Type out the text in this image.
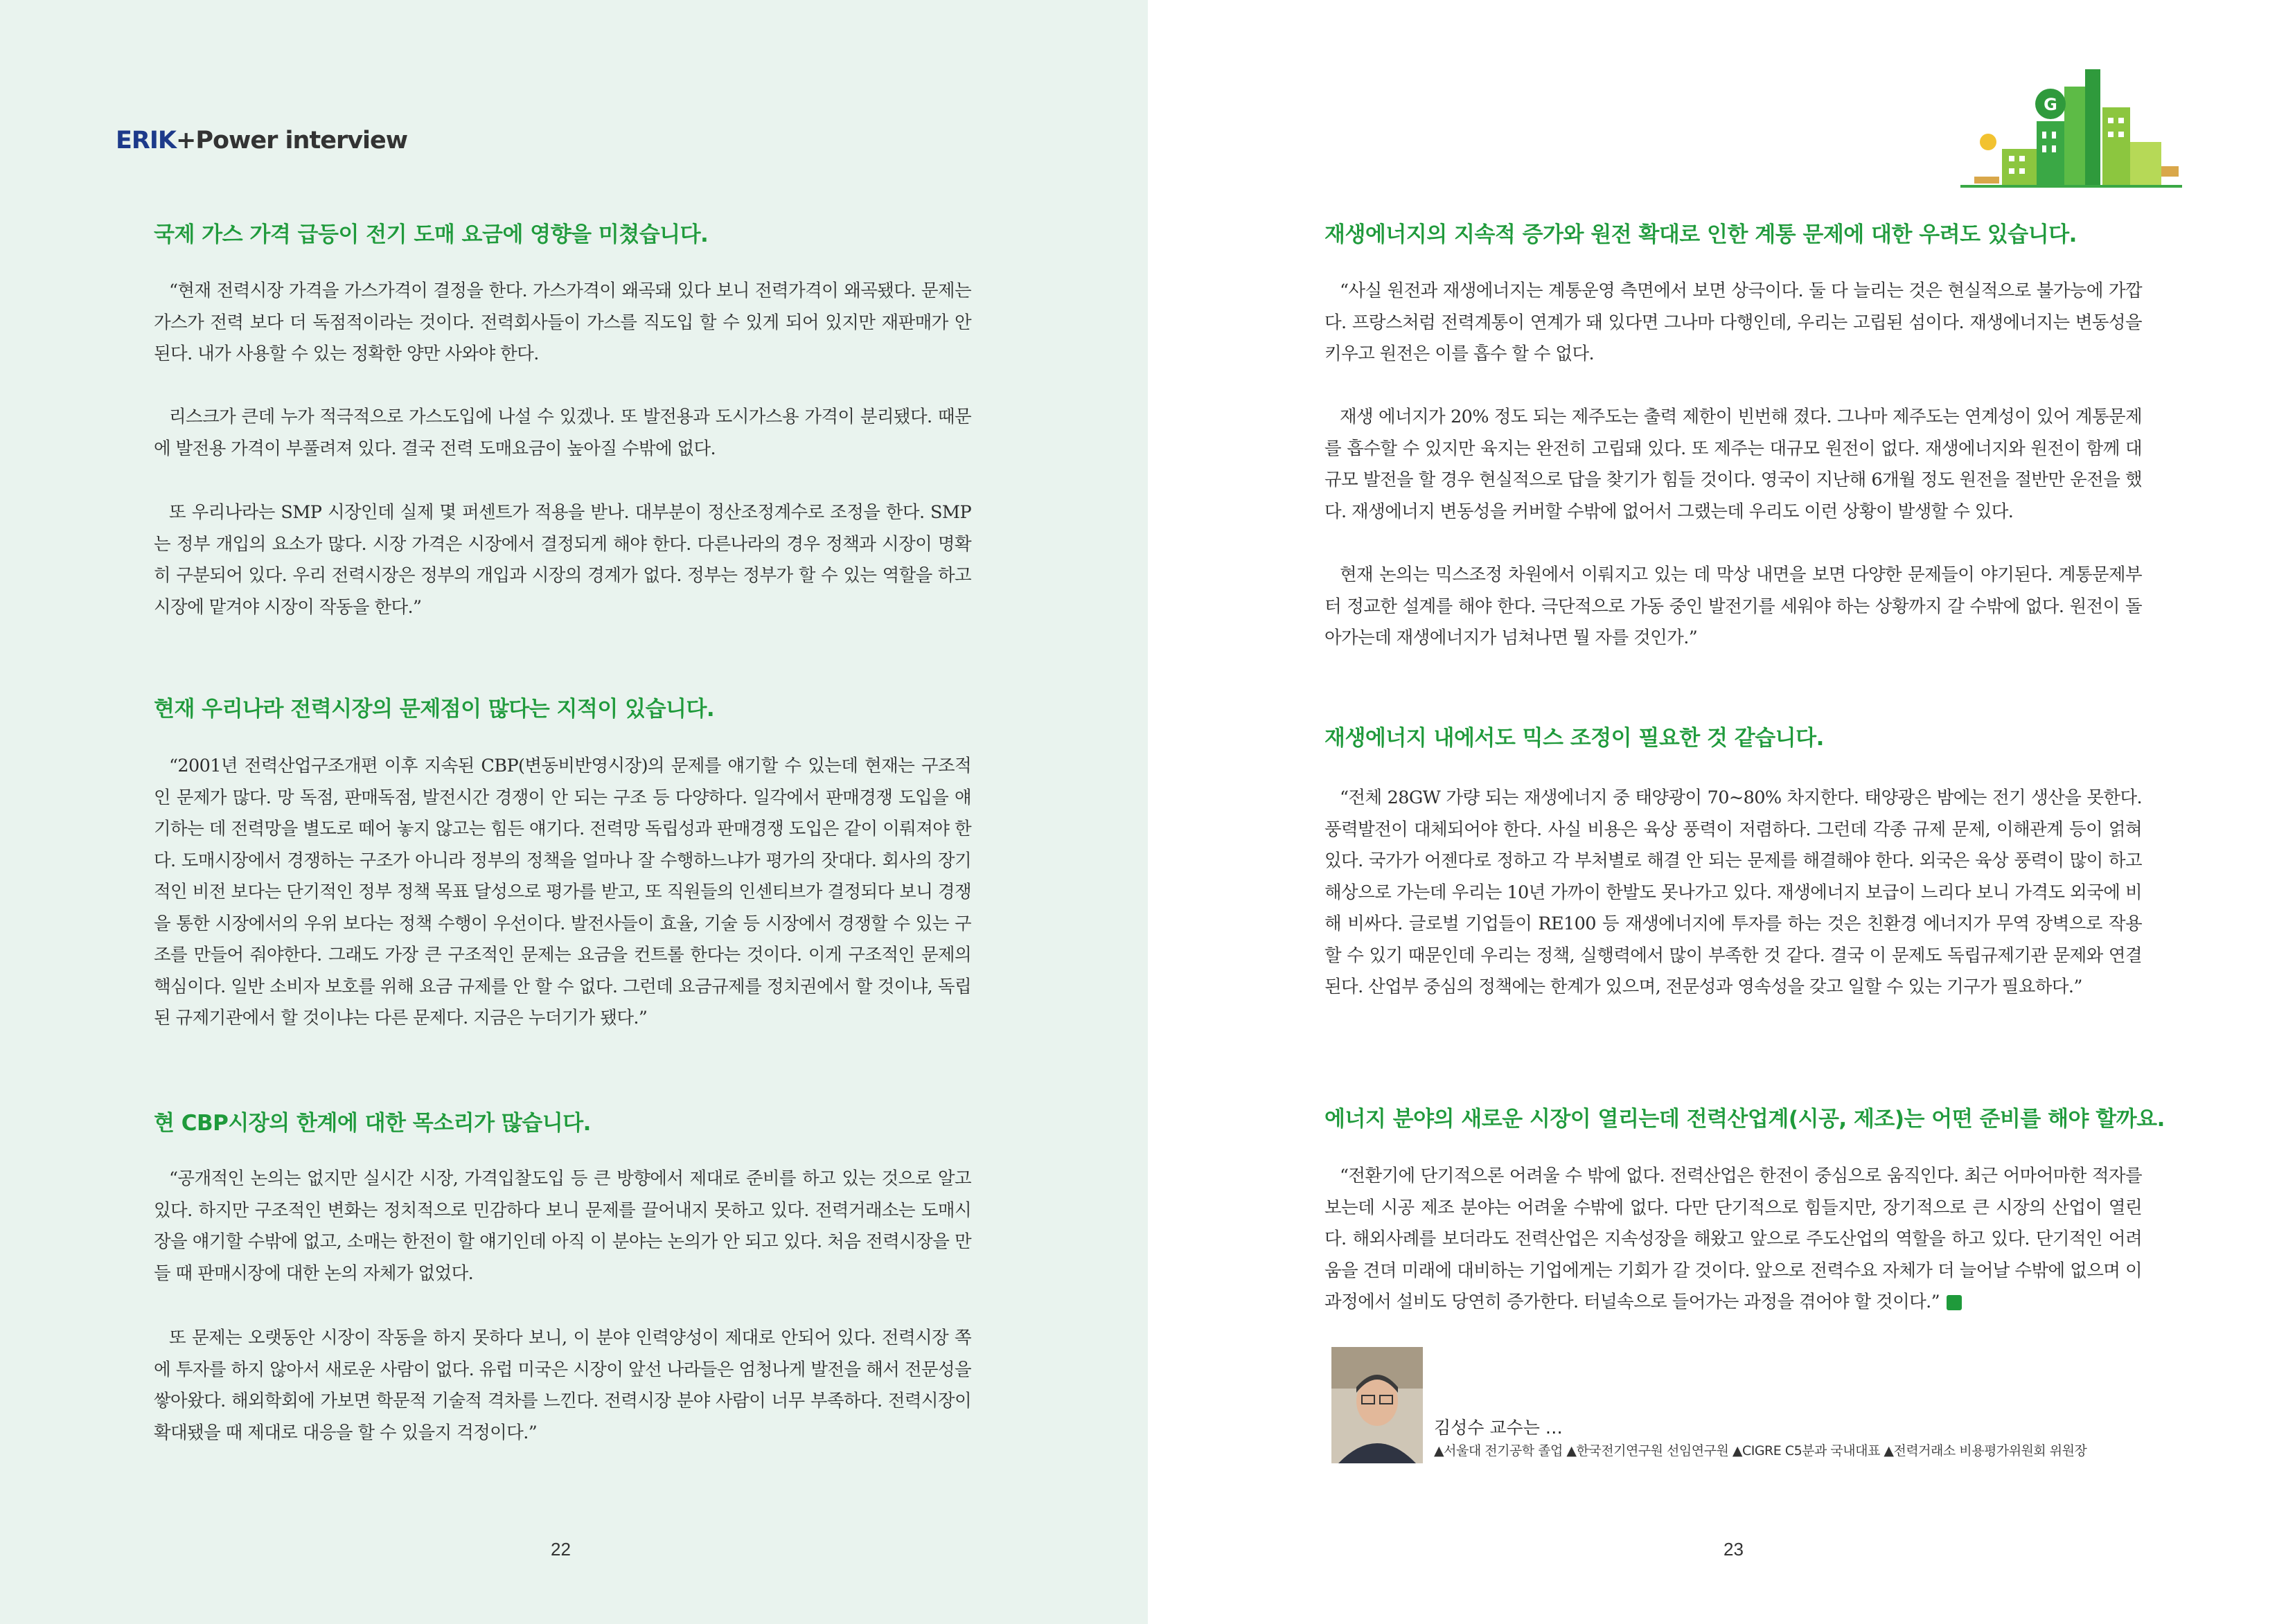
ERIK+Power interview
국제 가스 가격 급등이 전기 도매 요금에 영향을 미쳤습니다.

“현재 전력시장 가격을 가스가격이 결정을 한다. 가스가격이 왜곡돼 있다 보니 전력가격이 왜곡됐다. 문제는 가스가 전력 보다 더 독점적이라는 것이다. 전력회사들이 가스를 직도입 할 수 있게 되어 있지만 재판매가 안 된다. 내가 사용할 수 있는 정확한 양만 사와야 한다.

리스크가 큰데 누가 적극적으로 가스도입에 나설 수 있겠나. 또 발전용과 도시가스용 가격이 분리됐다. 때문에 발전용 가격이 부풀려져 있다. 결국 전력 도매요금이 높아질 수밖에 없다.

또 우리나라는 SMP 시장인데 실제 몇 퍼센트가 적용을 받나. 대부분이 정산조정계수로 조정을 한다. SMP는 정부 개입의 요소가 많다. 시장 가격은 시장에서 결정되게 해야 한다. 다른나라의 경우 정책과 시장이 명확히 구분되어 있다. 우리 전력시장은 정부의 개입과 시장의 경계가 없다. 정부는 정부가 할 수 있는 역할을 하고 시장에 맡겨야 시장이 작동을 한다.”

현재 우리나라 전력시장의 문제점이 많다는 지적이 있습니다.

“2001년 전력산업구조개편 이후 지속된 CBP(변동비반영시장)의 문제를 얘기할 수 있는데 현재는 구조적인 문제가 많다. 망 독점, 판매독점, 발전시간 경쟁이 안 되는 구조 등 다양하다. 일각에서 판매경쟁 도입을 얘기하는 데 전력망을 별도로 떼어 놓지 않고는 힘든 얘기다. 전력망 독립성과 판매경쟁 도입은 같이 이뤄져야 한다. 도매시장에서 경쟁하는 구조가 아니라 정부의 정책을 얼마나 잘 수행하느냐가 평가의 잣대다. 회사의 장기적인 비전 보다는 단기적인 정부 정책 목표 달성으로 평가를 받고, 또 직원들의 인센티브가 결정되다 보니 경쟁을 통한 시장에서의 우위 보다는 정책 수행이 우선이다. 발전사들이 효율, 기술 등 시장에서 경쟁할 수 있는 구조를 만들어 줘야한다. 그래도 가장 큰 구조적인 문제는 요금을 컨트롤 한다는 것이다. 이게 구조적인 문제의 핵심이다. 일반 소비자 보호를 위해 요금 규제를 안 할 수 없다. 그런데 요금규제를 정치권에서 할 것이냐, 독립된 규제기관에서 할 것이냐는 다른 문제다. 지금은 누더기가 됐다.”

현 CBP시장의 한계에 대한 목소리가 많습니다.

“공개적인 논의는 없지만 실시간 시장, 가격입찰도입 등 큰 방향에서 제대로 준비를 하고 있는 것으로 알고 있다. 하지만 구조적인 변화는 정치적으로 민감하다 보니 문제를 끌어내지 못하고 있다. 전력거래소는 도매시장을 얘기할 수밖에 없고, 소매는 한전이 할 얘기인데 아직 이 분야는 논의가 안 되고 있다. 처음 전력시장을 만들 때 판매시장에 대한 논의 자체가 없었다.

또 문제는 오랫동안 시장이 작동을 하지 못하다 보니, 이 분야 인력양성이 제대로 안되어 있다. 전력시장 쪽에 투자를 하지 않아서 새로운 사람이 없다. 유럽 미국은 시장이 앞선 나라들은 엄청나게 발전을 해서 전문성을 쌓아왔다. 해외학회에 가보면 학문적 기술적 격차를 느낀다. 전력시장 분야 사람이 너무 부족하다. 전력시장이 확대됐을 때 제대로 대응을 할 수 있을지 걱정이다.”

22
G
재생에너지의 지속적 증가와 원전 확대로 인한 계통 문제에 대한 우려도 있습니다.

“사실 원전과 재생에너지는 계통운영 측면에서 보면 상극이다. 둘 다 늘리는 것은 현실적으로 불가능에 가깝다. 프랑스처럼 전력계통이 연계가 돼 있다면 그나마 다행인데, 우리는 고립된 섬이다. 재생에너지는 변동성을 키우고 원전은 이를 흡수 할 수 없다.

재생 에너지가 20% 정도 되는 제주도는 출력 제한이 빈번해 졌다. 그나마 제주도는 연계성이 있어 계통문제를 흡수할 수 있지만 육지는 완전히 고립돼 있다. 또 제주는 대규모 원전이 없다. 재생에너지와 원전이 함께 대규모 발전을 할 경우 현실적으로 답을 찾기가 힘들 것이다. 영국이 지난해 6개월 정도 원전을 절반만 운전을 했다. 재생에너지 변동성을 커버할 수밖에 없어서 그랬는데 우리도 이런 상황이 발생할 수 있다.

현재 논의는 믹스조정 차원에서 이뤄지고 있는 데 막상 내면을 보면 다양한 문제들이 야기된다. 계통문제부터 정교한 설계를 해야 한다. 극단적으로 가동 중인 발전기를 세워야 하는 상황까지 갈 수밖에 없다. 원전이 돌아가는데 재생에너지가 넘쳐나면 뭘 자를 것인가.”

재생에너지 내에서도 믹스 조정이 필요한 것 같습니다.

“전체 28GW 가량 되는 재생에너지 중 태양광이 70~80% 차지한다. 태양광은 밤에는 전기 생산을 못한다. 풍력발전이 대체되어야 한다. 사실 비용은 육상 풍력이 저렴하다. 그런데 각종 규제 문제, 이해관계 등이 얽혀있다. 국가가 어젠다로 정하고 각 부처별로 해결 안 되는 문제를 해결해야 한다. 외국은 육상 풍력이 많이 하고 해상으로 가는데 우리는 10년 가까이 한발도 못나가고 있다. 재생에너지 보급이 느리다 보니 가격도 외국에 비해 비싸다. 글로벌 기업들이 RE100 등 재생에너지에 투자를 하는 것은 친환경 에너지가 무역 장벽으로 작용할 수 있기 때문인데 우리는 정책, 실행력에서 많이 부족한 것 같다. 결국 이 문제도 독립규제기관 문제와 연결된다. 산업부 중심의 정책에는 한계가 있으며, 전문성과 영속성을 갖고 일할 수 있는 기구가 필요하다.”

에너지 분야의 새로운 시장이 열리는데 전력산업계(시공, 제조)는 어떤 준비를 해야 할까요.

“전환기에 단기적으론 어려울 수 밖에 없다. 전력산업은 한전이 중심으로 움직인다. 최근 어마어마한 적자를 보는데 시공 제조 분야는 어려울 수밖에 없다. 다만 단기적으로 힘들지만, 장기적으로 큰 시장의 산업이 열린다. 해외사례를 보더라도 전력산업은 지속성장을 해왔고 앞으로 주도산업의 역할을 하고 있다. 단기적인 어려움을 견뎌 미래에 대비하는 기업에게는 기회가 갈 것이다. 앞으로 전력수요 자체가 더 늘어날 수밖에 없으며 이 과정에서 설비도 당연히 증가한다. 터널속으로 들어가는 과정을 겪어야 할 것이다.” E

김성수 교수는 …
▲서울대 전기공학 졸업 ▲한국전기연구원 선임연구원 ▲CIGRE C5분과 국내대표 ▲전력거래소 비용평가위원회 위원장
23
